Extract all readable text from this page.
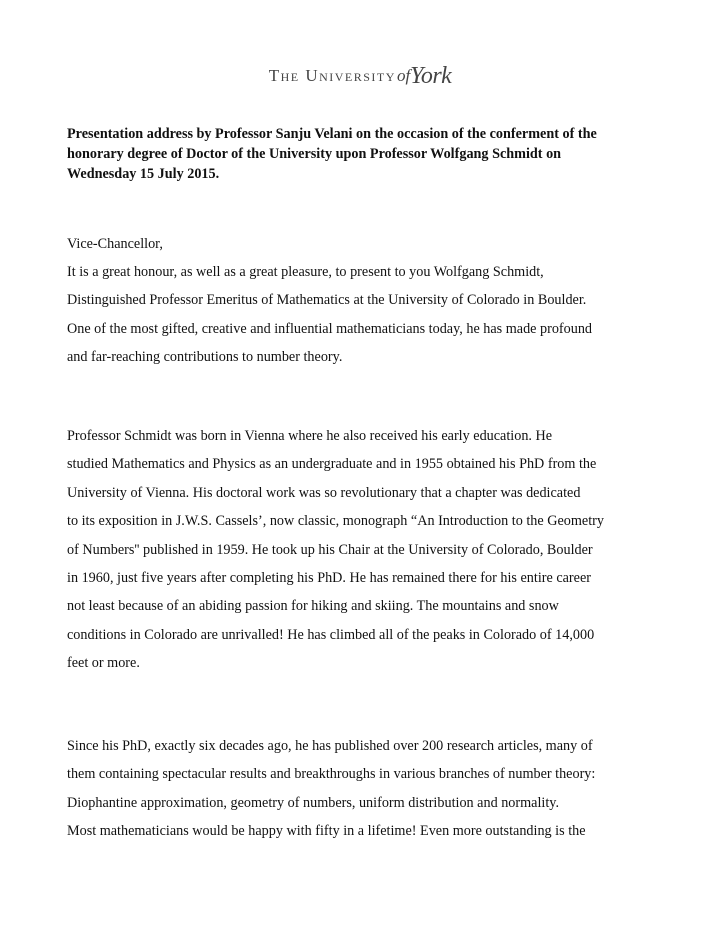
The UniversityofYork
Presentation address by Professor Sanju Velani on the occasion of the conferment of the
honorary degree of Doctor of the University upon Professor Wolfgang Schmidt on
Wednesday 15 July 2015.
Vice-Chancellor,
It is a great honour, as well as a great pleasure, to present to you Wolfgang Schmidt,
Distinguished Professor Emeritus of Mathematics at the University of Colorado in Boulder.
One of the most gifted, creative and influential mathematicians today, he has made profound
and far-reaching contributions to number theory.
Professor Schmidt was born in Vienna where he also received his early education. He
studied Mathematics and Physics as an undergraduate and in 1955 obtained his PhD from the
University of Vienna. His doctoral work was so revolutionary that a chapter was dedicated
to its exposition in J.W.S. Cassels’, now classic, monograph “An Introduction to the Geometry
of Numbers'' published in 1959. He took up his Chair at the University of Colorado, Boulder
in 1960, just five years after completing his PhD. He has remained there for his entire career
not least because of an abiding passion for hiking and skiing. The mountains and snow
conditions in Colorado are unrivalled! He has climbed all of the peaks in Colorado of 14,000
feet or more.
Since his PhD, exactly six decades ago, he has published over 200 research articles, many of
them containing spectacular results and breakthroughs in various branches of number theory:
Diophantine approximation, geometry of numbers, uniform distribution and normality.
Most mathematicians would be happy with fifty in a lifetime! Even more outstanding is the
